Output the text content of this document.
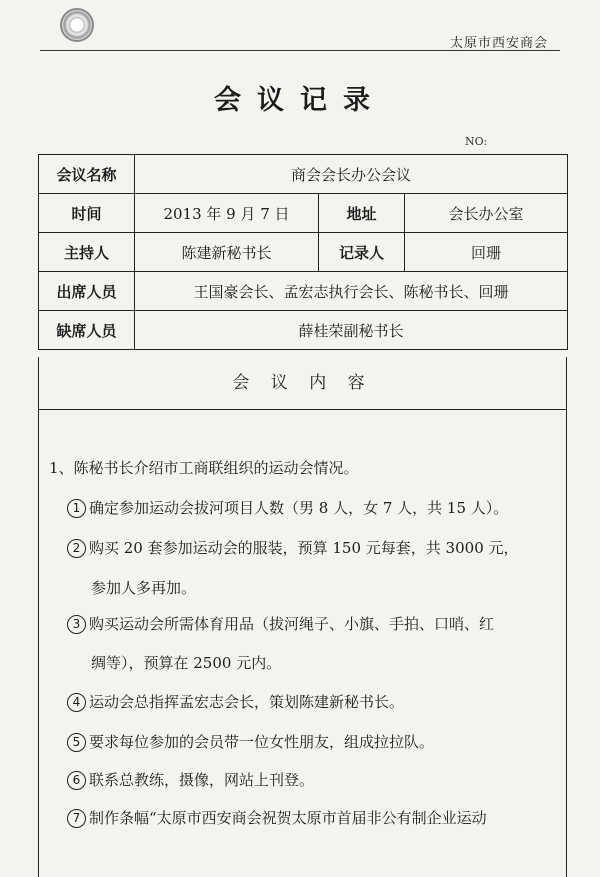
太原市西安商会
会议记录
NO:
会议名称	商会会长办公会议		
时间	2013 年 9 月 7 日	地址	会长办公室
主持人	陈建新秘书长	记录人	回珊
出席人员	王国豪会长、孟宏志执行会长、陈秘书长、回珊		
缺席人员	薛桂荣副秘书长		
会 议 内 容
1、陈秘书长介绍市工商联组织的运动会情况。
1 确定参加运动会拔河项目人数（男 8 人，女 7 人，共 15 人）。
2 购买 20 套参加运动会的服装，预算 150 元每套，共 3000 元，
参加人多再加。
3 购买运动会所需体育用品（拔河绳子、小旗、手拍、口哨、红
绸等），预算在 2500 元内。
4 运动会总指挥孟宏志会长，策划陈建新秘书长。
5 要求每位参加的会员带一位女性朋友，组成拉拉队。
6 联系总教练，摄像，网站上刊登。
7 制作条幅“太原市西安商会祝贺太原市首届非公有制企业运动
